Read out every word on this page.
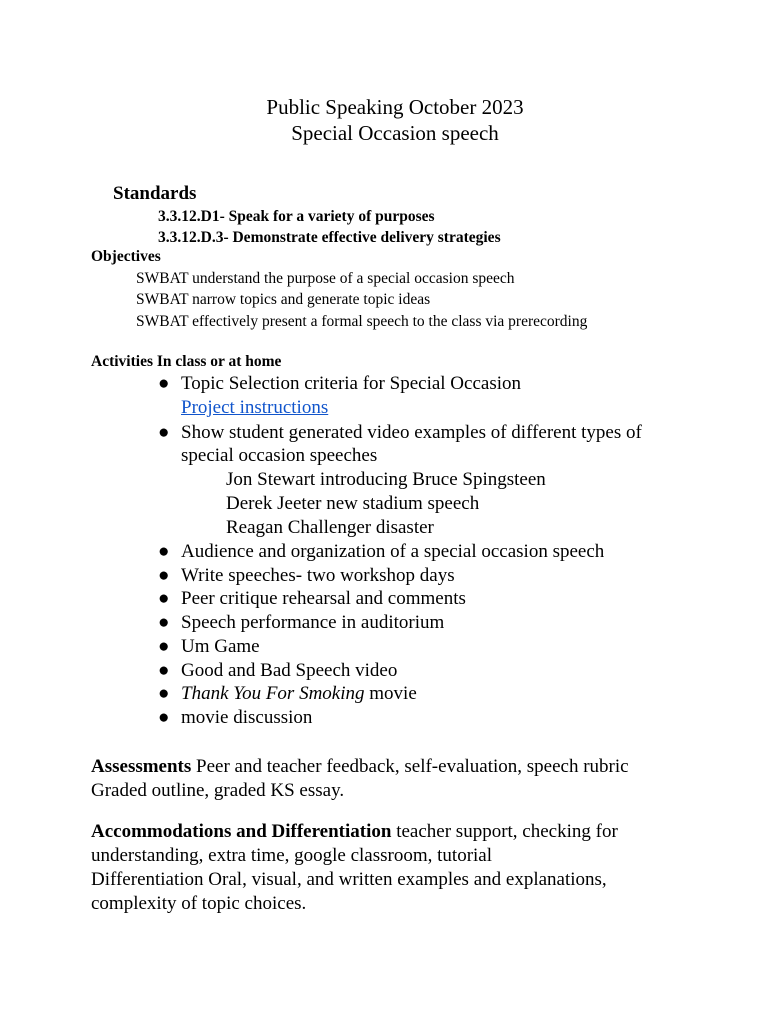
Public Speaking October 2023
Special Occasion speech
Standards
3.3.12.D1- Speak for a variety of purposes
3.3.12.D.3- Demonstrate effective delivery strategies
Objectives
SWBAT understand the purpose of a special occasion speech
SWBAT narrow topics and generate topic ideas
SWBAT effectively present a formal speech to the class via prerecording
Activities In class or at home
● Topic Selection criteria for Special Occasion
Project instructions
● Show student generated video examples of different types of
special occasion speeches
Jon Stewart introducing Bruce Spingsteen
Derek Jeeter new stadium speech
Reagan Challenger disaster
● Audience and organization of a special occasion speech
● Write speeches- two workshop days
● Peer critique rehearsal and comments
● Speech performance in auditorium
● Um Game
● Good and Bad Speech video
● Thank You For Smoking movie
● movie discussion
Assessments Peer and teacher feedback, self-evaluation, speech rubric
Graded outline, graded KS essay.
Accommodations and Differentiation teacher support, checking for understanding, extra time, google classroom, tutorial
Differentiation Oral, visual, and written examples and explanations, complexity of topic choices.
